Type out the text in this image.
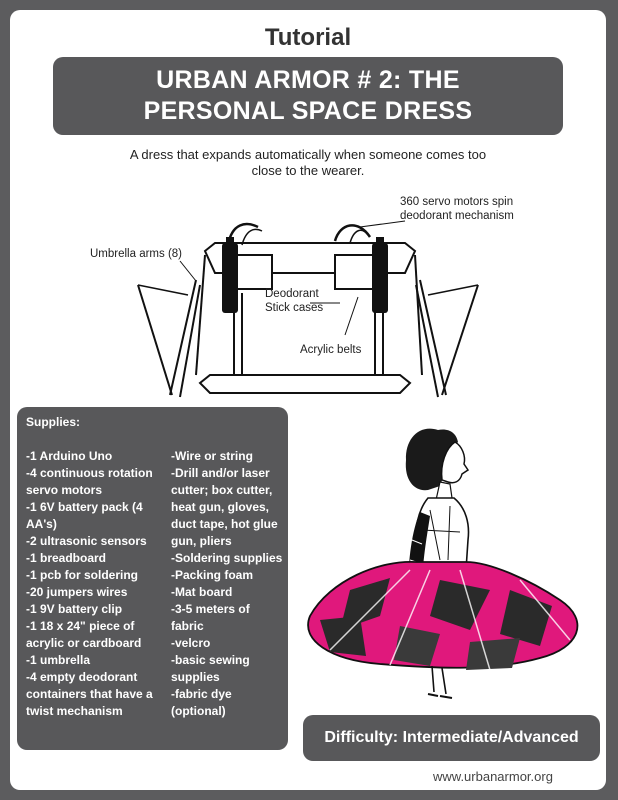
Tutorial
URBAN ARMOR # 2: THE PERSONAL SPACE DRESS
A dress that expands automatically when someone comes too close to the wearer.
360 servo motors spin deodorant mechanism
Umbrella arms (8)
Deodorant Stick cases
Acrylic belts
Supplies:
-1 Arduino Uno
-4 continuous rotation servo motors
-1 6V battery pack (4 AA's)
-2 ultrasonic sensors
-1 breadboard
-1 pcb for soldering
-20 jumpers wires
-1 9V battery clip
-1 18 x 24" piece of acrylic or cardboard
-1 umbrella
-4 empty deodorant containers that have a twist mechanism
-Wire or string
-Drill and/or laser cutter; box cutter, heat gun, gloves, duct tape, hot glue gun, pliers
-Soldering supplies
-Packing foam
-Mat board
-3-5 meters of fabric
-velcro
-basic sewing supplies
-fabric dye (optional)
Difficulty: Intermediate/Advanced
www.urbanarmor.org
